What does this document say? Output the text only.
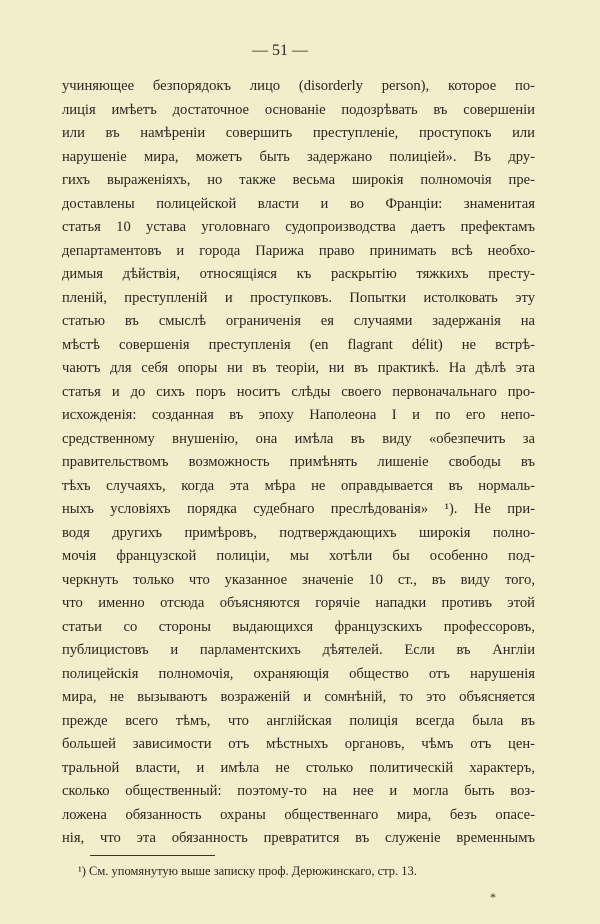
— 51 —
учиняющее безпорядокъ лицо (disorderly person), которое по-
лиція имѣетъ достаточное основаніе подозрѣвать въ совершеніи
или въ намѣреніи совершить преступленіе, проступокъ или
нарушеніе мира, можетъ быть задержано полиціей». Въ дру-
гихъ выраженіяхъ, но также весьма широкія полномочія пре-
доставлены полицейской власти и во Франціи: знаменитая
статья 10 устава уголовнаго судопроизводства даетъ префектамъ
департаментовъ и города Парижа право принимать всѣ необхо-
димыя дѣйствія, относящіяся къ раскрытію тяжкихъ престу-
пленій, преступленій и проступковъ. Попытки истолковать эту
статью въ смыслѣ ограниченія ея случаями задержанія на
мѣстѣ совершенія преступленія (en flagrant délit) не встрѣ-
чаютъ для себя опоры ни въ теоріи, ни въ практикѣ. На дѣлѣ эта
статья и до сихъ поръ носитъ слѣды своего первоначальнаго про-
исхожденія: созданная въ эпоху Наполеона I и по его непо-
средственному внушенію, она имѣла въ виду «обезпечить за
правительствомъ возможность примѣнять лишеніе свободы въ
тѣхъ случаяхъ, когда эта мѣра не оправдывается въ нормаль-
ныхъ условіяхъ порядка судебнаго преслѣдованія» ¹). Не при-
водя другихъ примѣровъ, подтверждающихъ широкія полно-
мочія французской полиціи, мы хотѣли бы особенно под-
черкнуть только что указанное значеніе 10 ст., въ виду того,
что именно отсюда объясняются горячіе нападки противъ этой
статьи со стороны выдающихся французскихъ профессоровъ,
публицистовъ и парламентскихъ дѣятелей. Если въ Англіи
полицейскія полномочія, охраняющія общество отъ нарушенія
мира, не вызываютъ возраженій и сомнѣній, то это объясняется
прежде всего тѣмъ, что англійская полиція всегда была въ
большей зависимости отъ мѣстныхъ органовъ, чѣмъ отъ цен-
тральной власти, и имѣла не столько политическій характеръ,
сколько общественный: поэтому-то на нее и могла быть воз-
ложена обязанность охраны общественнаго мира, безъ опасе-
нія, что эта обязанность превратится въ служеніе временнымъ
¹) См. упомянутую выше записку проф. Дерюжинскаго, стр. 13.
*
